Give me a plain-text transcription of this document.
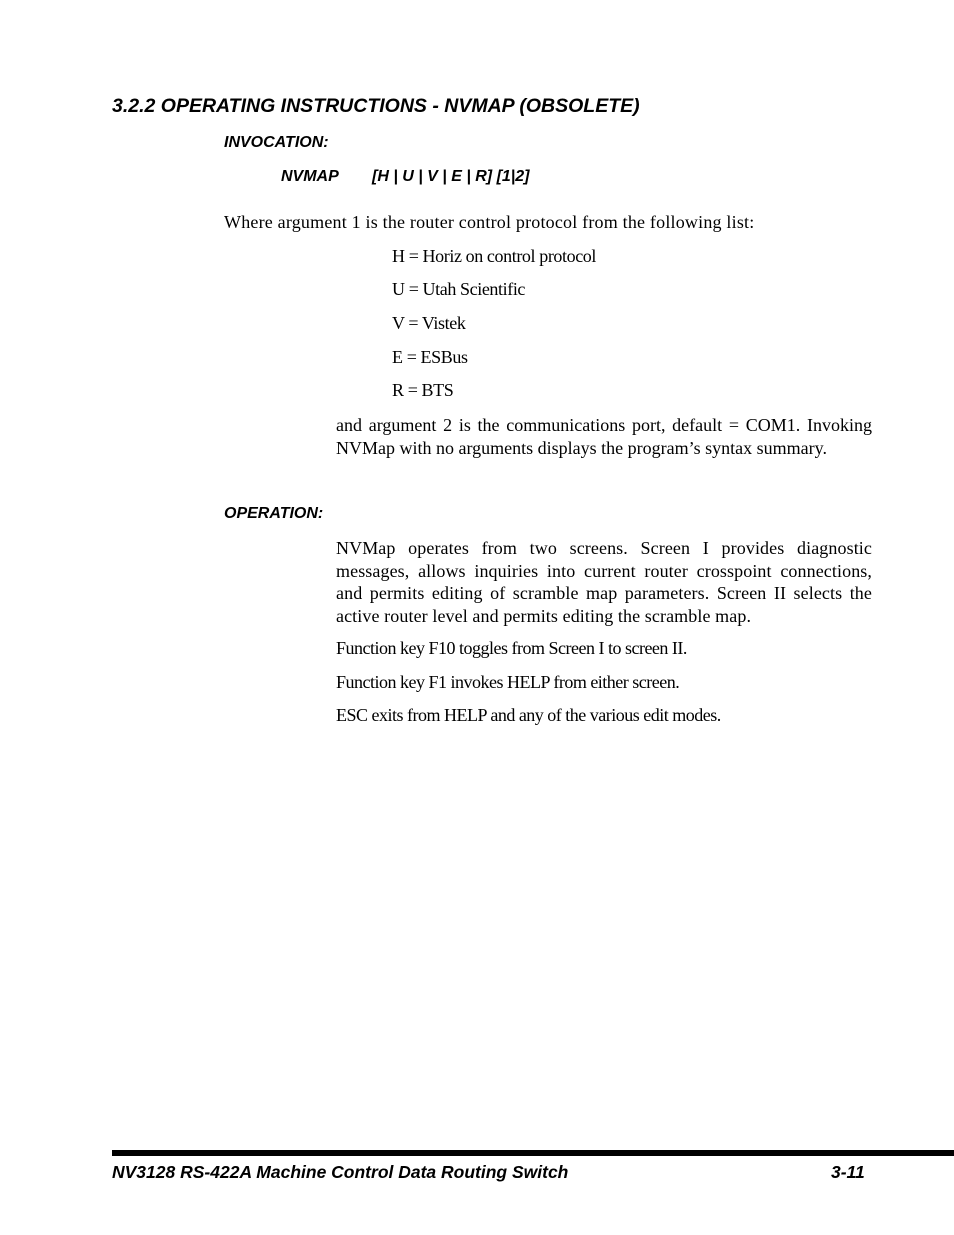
3.2.2 OPERATING INSTRUCTIONS - NVMAP (OBSOLETE)
INVOCATION:
NVMAP [H | U | V | E | R] [1|2]
Where argument 1 is the router control protocol from the following list:
H = Horiz on control protocol
U = Utah Scientific
V = Vistek
E = ESBus
R = BTS
and argument 2 is the communications port, default = COM1. Invoking NVMap with no arguments displays the program’s syntax summary.
OPERATION:
NVMap operates from two screens. Screen I provides diagnostic messages, allows inquiries into current router crosspoint connections, and permits editing of scramble map parameters. Screen II selects the active router level and permits editing the scramble map.
Function key F10 toggles from Screen I to screen II.
Function key F1 invokes HELP from either screen.
ESC exits from HELP and any of the various edit modes.
NV3128 RS-422A Machine Control Data Routing Switch	3-11
